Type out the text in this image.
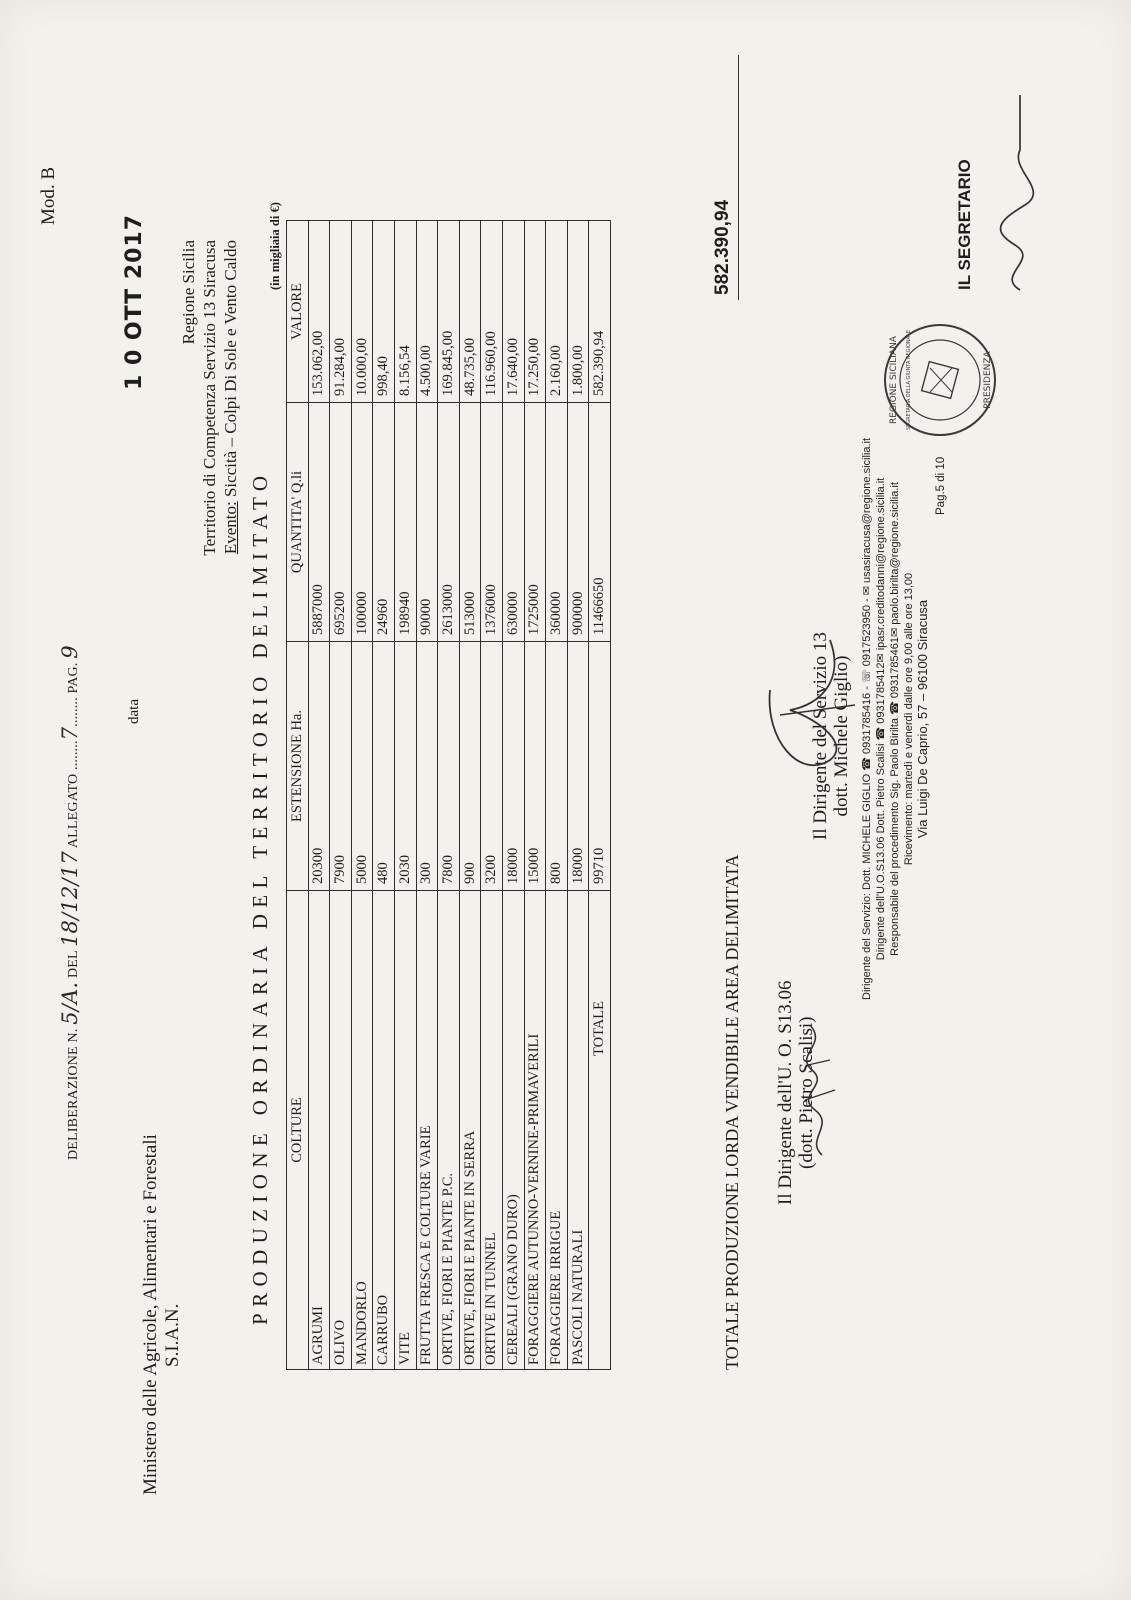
Mod. B
DELIBERAZIONE N. 5/A. DEL 18/12/17 ALLEGATO ........7........ PAG. 9
Ministero delle Agricole, Alimentari e Forestali S.I.A.N.
data
1 0 OTT 2017 Regione Sicilia Territorio di Competenza Servizio 13 Siracusa Evento: Siccità – Colpi Di Sole e Vento Caldo
PRODUZIONE ORDINARIA DEL TERRITORIO DELIMITATO
(in migliaia di €)
COLTURE	ESTENSIONE Ha.	QUANTITA' Q.li	VALORE
AGRUMI	20300	5887000	153.062,00
OLIVO	7900	695200	91.284,00
MANDORLO	5000	100000	10.000,00
CARRUBO	480	24960	998,40
VITE	2030	198940	8.156,54
FRUTTA FRESCA E COLTURE VARIE	300	90000	4.500,00
ORTIVE, FIORI E PIANTE P.C.	7800	2613000	169.845,00
ORTIVE, FIORI E PIANTE IN SERRA	900	513000	48.735,00
ORTIVE IN TUNNEL	3200	1376000	116.960,00
CEREALI (GRANO DURO)	18000	630000	17.640,00
FORAGGIERE AUTUNNO-VERNINE-PRIMAVERILI	15000	1725000	17.250,00
FORAGGIERE IRRIGUE	800	360000	2.160,00
PASCOLI NATURALI	18000	900000	1.800,00
TOTALE	99710	11466650	582.390,94
TOTALE PRODUZIONE LORDA VENDIBILE AREA DELIMITATA
582.390,94
Il Dirigente dell'U. O. S13.06 (dott. Pietro Scalisi)
Il Dirigente del Servizio 13 dott. Michele Giglio) Dirigente del Servizio: Dott. MICHELE GIGLIO ☎ 0931785416 - ☏ 0917523950 - ✉ usasiracusa@regione.sicilia.it Dirigente dell'U.O.S13.06 Dott. Pietro Scalisi ☎ 0931785412✉ ipasr.creditodanni@regione.sicilia.it Responsabile del procedimento Sig. Paolo Birilta ☎ 0931785461✉ paolo.birilta@regione.sicilia.it Ricevimento: martedì e venerdì dalle ore 9,00 alle ore 13,00 Via Luigi De Caprio, 57 – 96100 Siracusa
Pag.5 di 10
REGIONE SICILIANA SEGRETARIA DELLA GIUNTA REGIONALE	PRESIDENZA
IL SEGRETARIO
